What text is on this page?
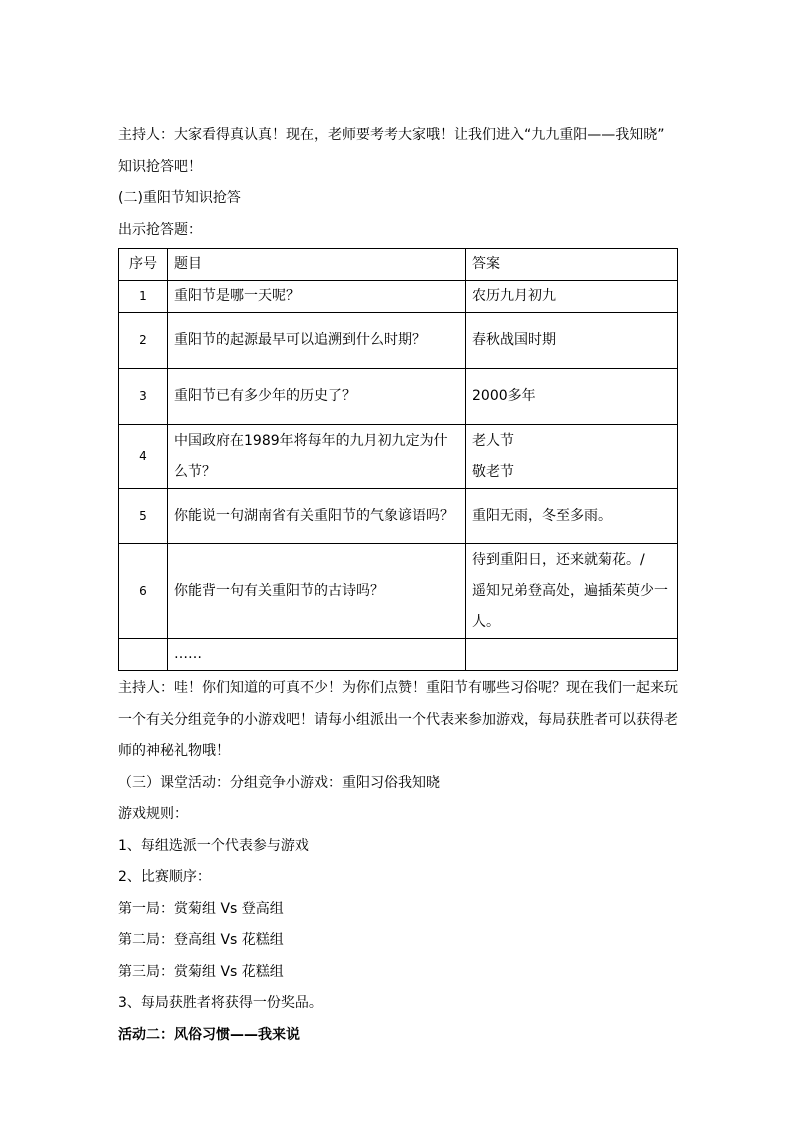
主持人：大家看得真认真！现在，老师要考考大家哦！让我们进入“九九重阳——我知晓”

知识抢答吧！

(二)重阳节知识抢答

出示抢答题：

序号	题目	答案
1	重阳节是哪一天呢？	农历九月初九

2	重阳节的起源最早可以追溯到什么时期？	春秋战国时期

3	重阳节已有多少年的历史了？	2000多年

4	中国政府在1989年将每年的九月初九定为什么节？	老人节
敬老节

5	你能说一句湖南省有关重阳节的气象谚语吗？	重阳无雨，冬至多雨。

6	你能背一句有关重阳节的古诗吗？	待到重阳日，还来就菊花。/
遥知兄弟登高处，遍插茱萸少一
人。

	……	

主持人：哇！你们知道的可真不少！为你们点赞！重阳节有哪些习俗呢？现在我们一起来玩

一个有关分组竞争的小游戏吧！请每小组派出一个代表来参加游戏，每局获胜者可以获得老

师的神秘礼物哦！

（三）课堂活动：分组竞争小游戏：重阳习俗我知晓

游戏规则：

1、每组选派一个代表参与游戏

2、比赛顺序：

第一局：赏菊组 Vs 登高组

第二局：登高组 Vs 花糕组

第三局：赏菊组 Vs 花糕组

3、每局获胜者将获得一份奖品。

活动二：风俗习惯——我来说
